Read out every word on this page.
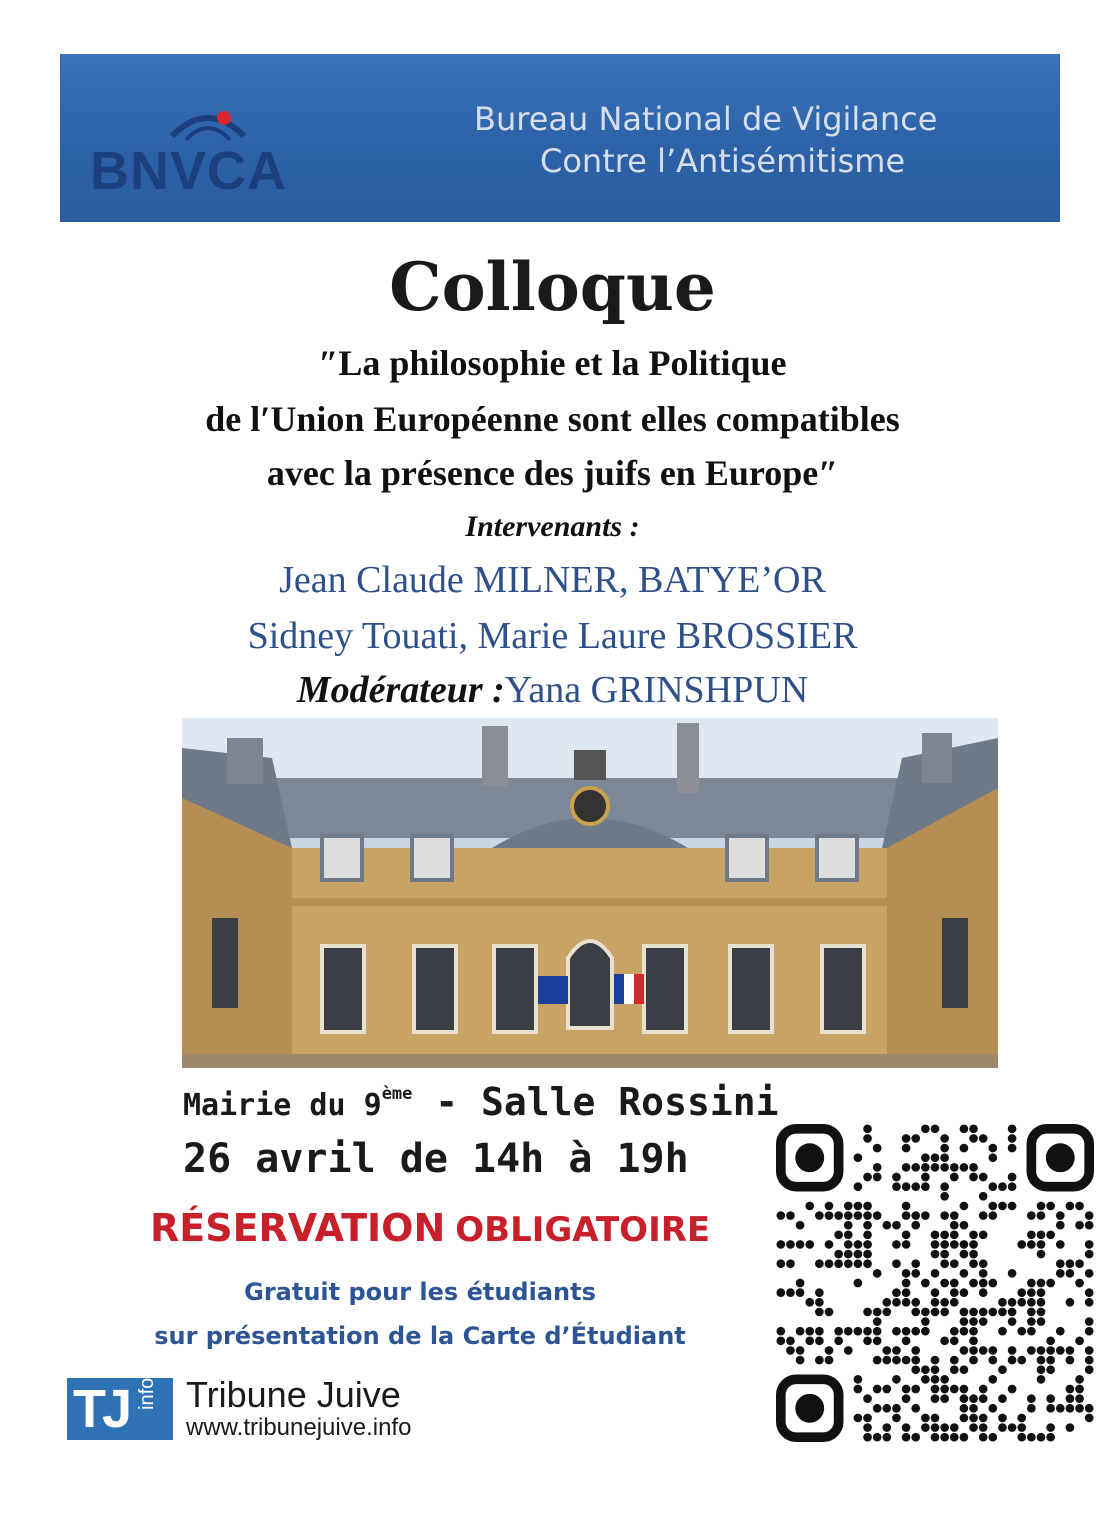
BNVCA
Bureau National de Vigilance
Contre l’Antisémitisme
Colloque
″La philosophie et la Politique
de l′Union Européenne sont elles compatibles
avec la présence des juifs en Europe″
Intervenants :
Jean Claude MILNER, BATYE’OR
Sidney Touati, Marie Laure BROSSIER
Modérateur :Yana GRINSHPUN
Mairie du 9ème - Salle Rossini
26 avril de 14h à 19h
RÉSERVATION OBLIGATOIRE
Gratuit pour les étudiants
sur présentation de la Carte d’Étudiant
TJ info Tribune Juive
www.tribunejuive.info
